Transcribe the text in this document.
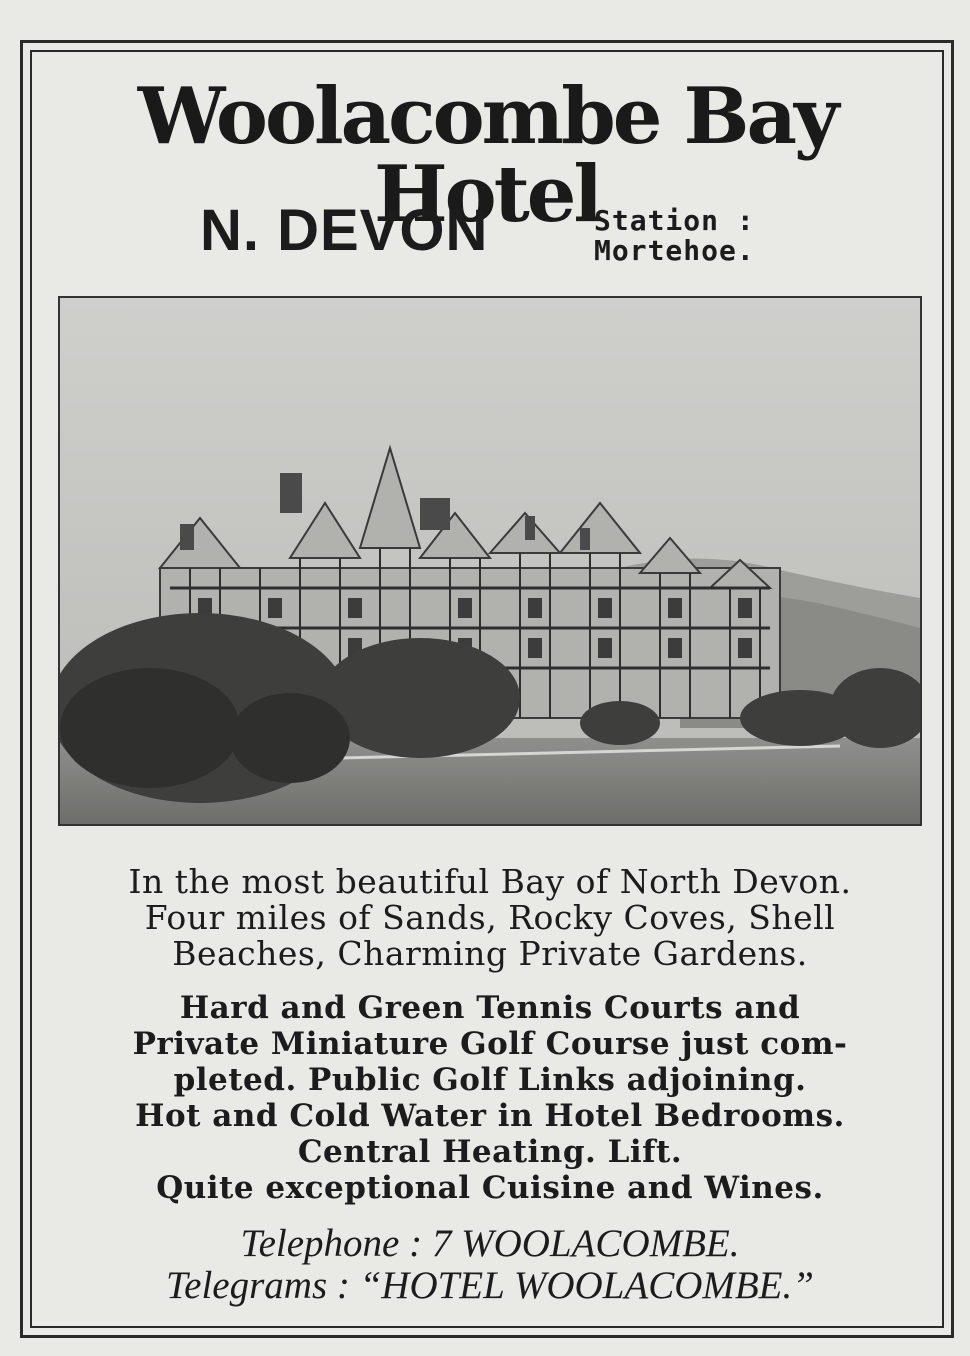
Woolacombe Bay Hotel
N. DEVON	Station :
Mortehoe.
In the most beautiful Bay of North Devon.
Four miles of Sands, Rocky Coves, Shell
Beaches, Charming Private Gardens.
Hard and Green Tennis Courts and
Private Miniature Golf Course just com-
pleted. Public Golf Links adjoining.
Hot and Cold Water in Hotel Bedrooms.
Central Heating. Lift.
Quite exceptional Cuisine and Wines.
Telephone : 7 WOOLACOMBE.
Telegrams : “HOTEL WOOLACOMBE.”
